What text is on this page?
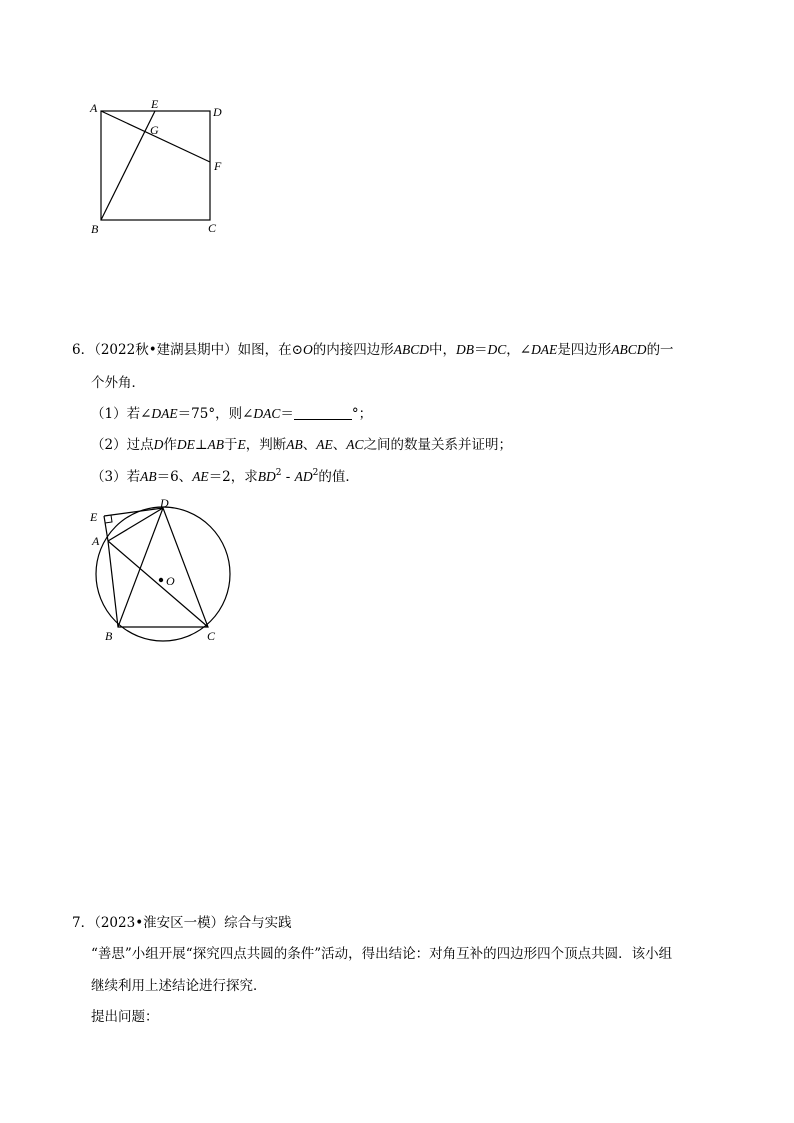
A	E
D
G
F
B	C
6．（2022秋•建湖县期中）如图，在⊙O的内接四边形ABCD中，DB＝DC，∠DAE是四边形ABCD的一
个外角．
（1）若∠DAE＝75°，则∠DAC＝	°；
（2）过点D作DE⊥AB于E，判断AB、AE、AC之间的数量关系并证明；
（3）若AB＝6、AE＝2，求$BD^2 - AD^2$的值．
E
D
A
O
B	C
7．（2023•淮安区一模）综合与实践
“善思”小组开展“探究四点共圆的条件”活动，得出结论：对角互补的四边形四个顶点共圆．该小组
继续利用上述结论进行探究．
提出问题：
